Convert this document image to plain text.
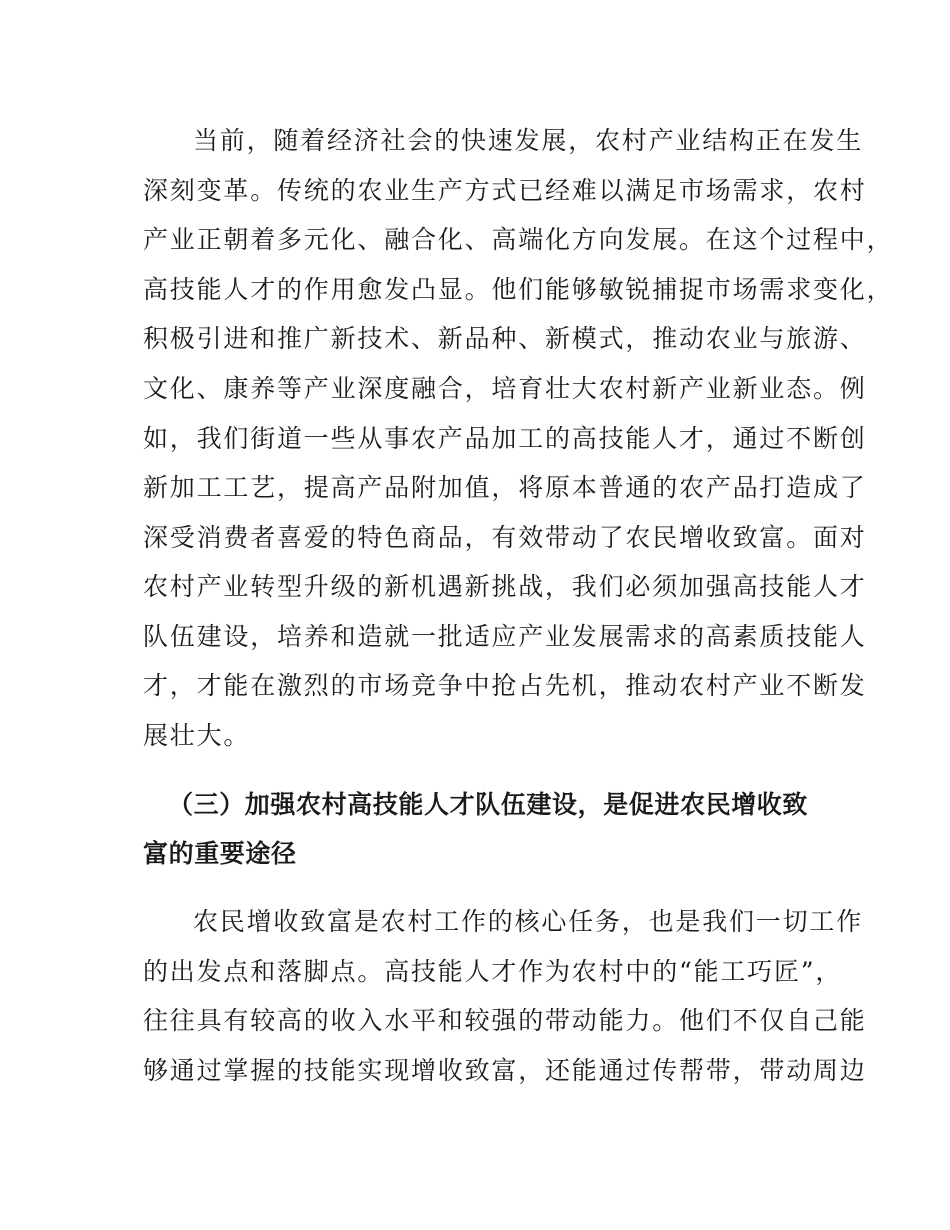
当前，随着经济社会的快速发展，农村产业结构正在发生
深刻变革。传统的农业生产方式已经难以满足市场需求，农村
产业正朝着多元化、融合化、高端化方向发展。在这个过程中，
高技能人才的作用愈发凸显。他们能够敏锐捕捉市场需求变化，
积极引进和推广新技术、新品种、新模式，推动农业与旅游、
文化、康养等产业深度融合，培育壮大农村新产业新业态。例
如，我们街道一些从事农产品加工的高技能人才，通过不断创
新加工工艺，提高产品附加值，将原本普通的农产品打造成了
深受消费者喜爱的特色商品，有效带动了农民增收致富。面对
农村产业转型升级的新机遇新挑战，我们必须加强高技能人才
队伍建设，培养和造就一批适应产业发展需求的高素质技能人
才，才能在激烈的市场竞争中抢占先机，推动农村产业不断发
展壮大。
（三）加强农村高技能人才队伍建设，是促进农民增收致
富的重要途径
农民增收致富是农村工作的核心任务，也是我们一切工作
的出发点和落脚点。高技能人才作为农村中的“能工巧匠”，
往往具有较高的收入水平和较强的带动能力。他们不仅自己能
够通过掌握的技能实现增收致富，还能通过传帮带，带动周边
